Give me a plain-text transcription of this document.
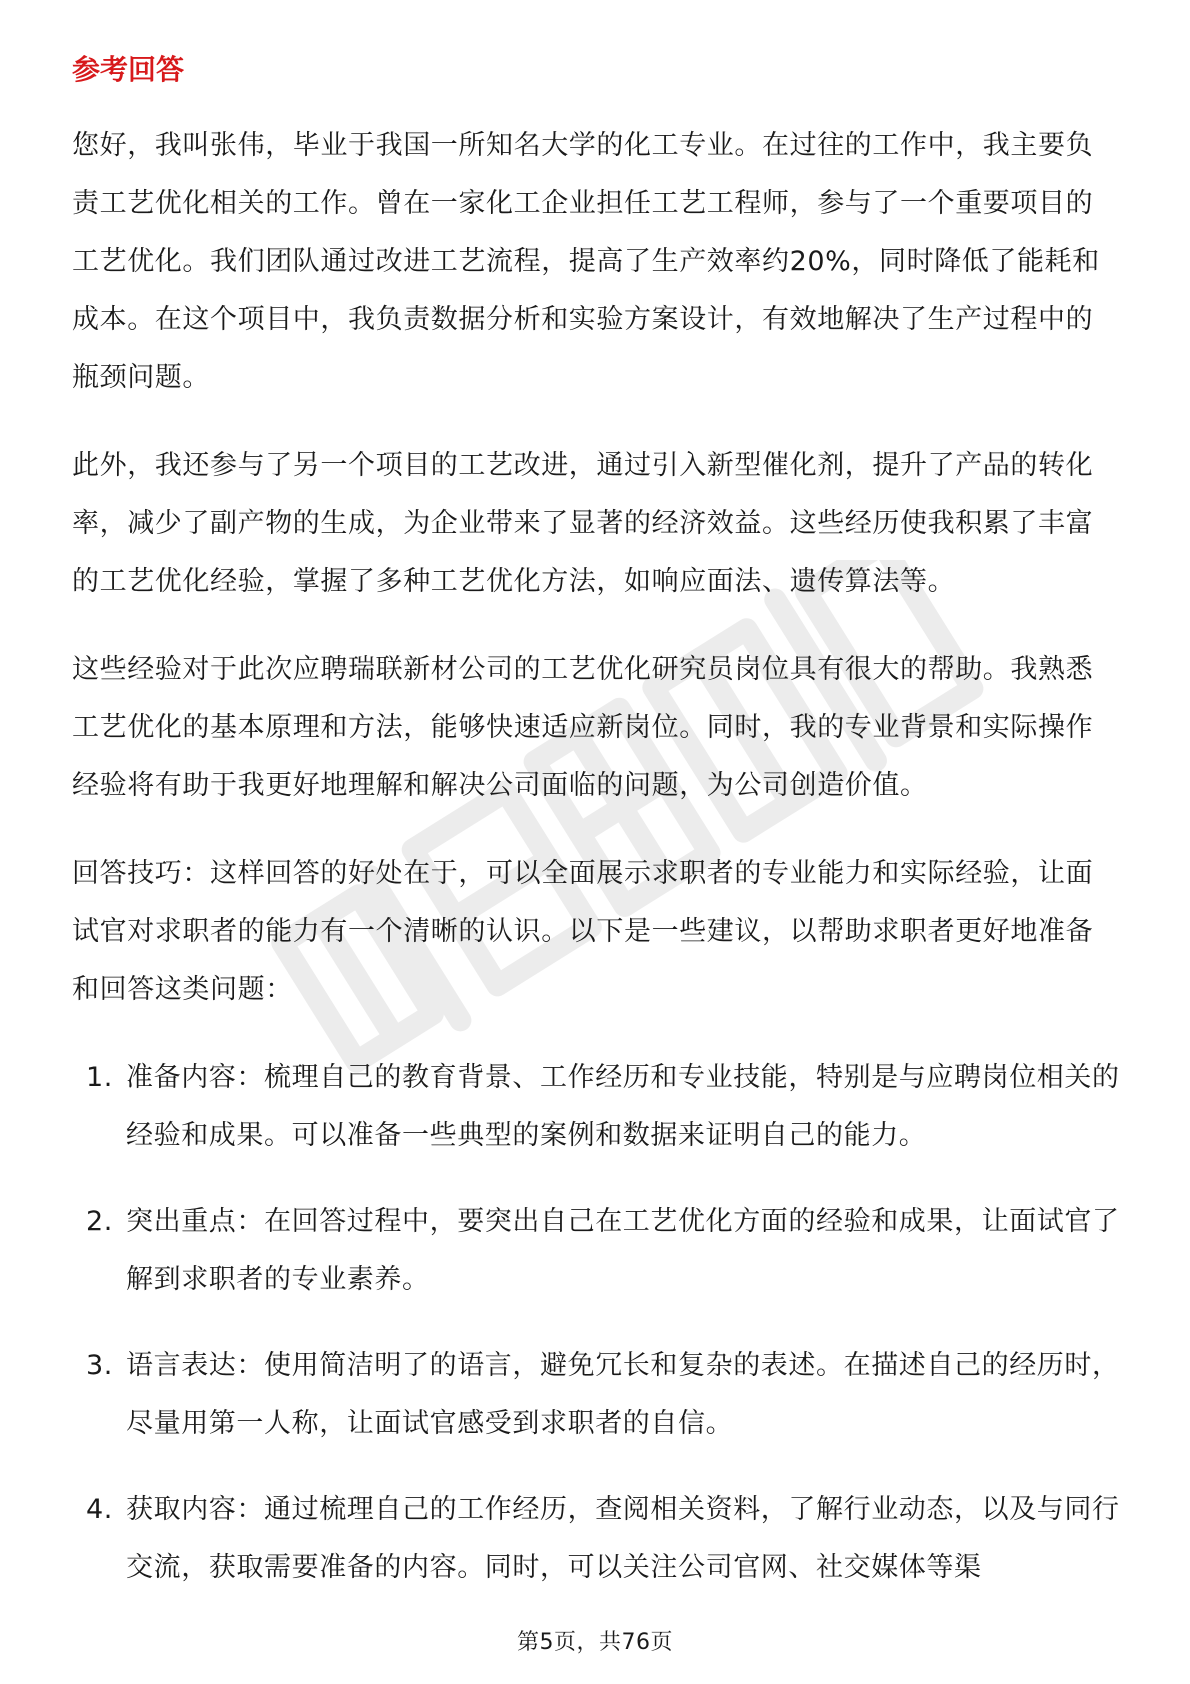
参考回答

您好，我叫张伟，毕业于我国一所知名大学的化工专业。在过往的工作中，我主要负责工艺优化相关的工作。曾在一家化工企业担任工艺工程师，参与了一个重要项目的工艺优化。我们团队通过改进工艺流程，提高了生产效率约20%，同时降低了能耗和成本。在这个项目中，我负责数据分析和实验方案设计，有效地解决了生产过程中的瓶颈问题。

此外，我还参与了另一个项目的工艺改进，通过引入新型催化剂，提升了产品的转化率，减少了副产物的生成，为企业带来了显著的经济效益。这些经历使我积累了丰富的工艺优化经验，掌握了多种工艺优化方法，如响应面法、遗传算法等。

这些经验对于此次应聘瑞联新材公司的工艺优化研究员岗位具有很大的帮助。我熟悉工艺优化的基本原理和方法，能够快速适应新岗位。同时，我的专业背景和实际操作经验将有助于我更好地理解和解决公司面临的问题，为公司创造价值。

回答技巧：这样回答的好处在于，可以全面展示求职者的专业能力和实际经验，让面试官对求职者的能力有一个清晰的认识。以下是一些建议，以帮助求职者更好地准备和回答这类问题：

1. 准备内容：梳理自己的教育背景、工作经历和专业技能，特别是与应聘岗位相关的经验和成果。可以准备一些典型的案例和数据来证明自己的能力。
2. 突出重点：在回答过程中，要突出自己在工艺优化方面的经验和成果，让面试官了解到求职者的专业素养。
3. 语言表达：使用简洁明了的语言，避免冗长和复杂的表述。在描述自己的经历时，尽量用第一人称，让面试官感受到求职者的自信。
4. 获取内容：通过梳理自己的工作经历，查阅相关资料，了解行业动态，以及与同行交流，获取需要准备的内容。同时，可以关注公司官网、社交媒体等渠
第5页，共76页
